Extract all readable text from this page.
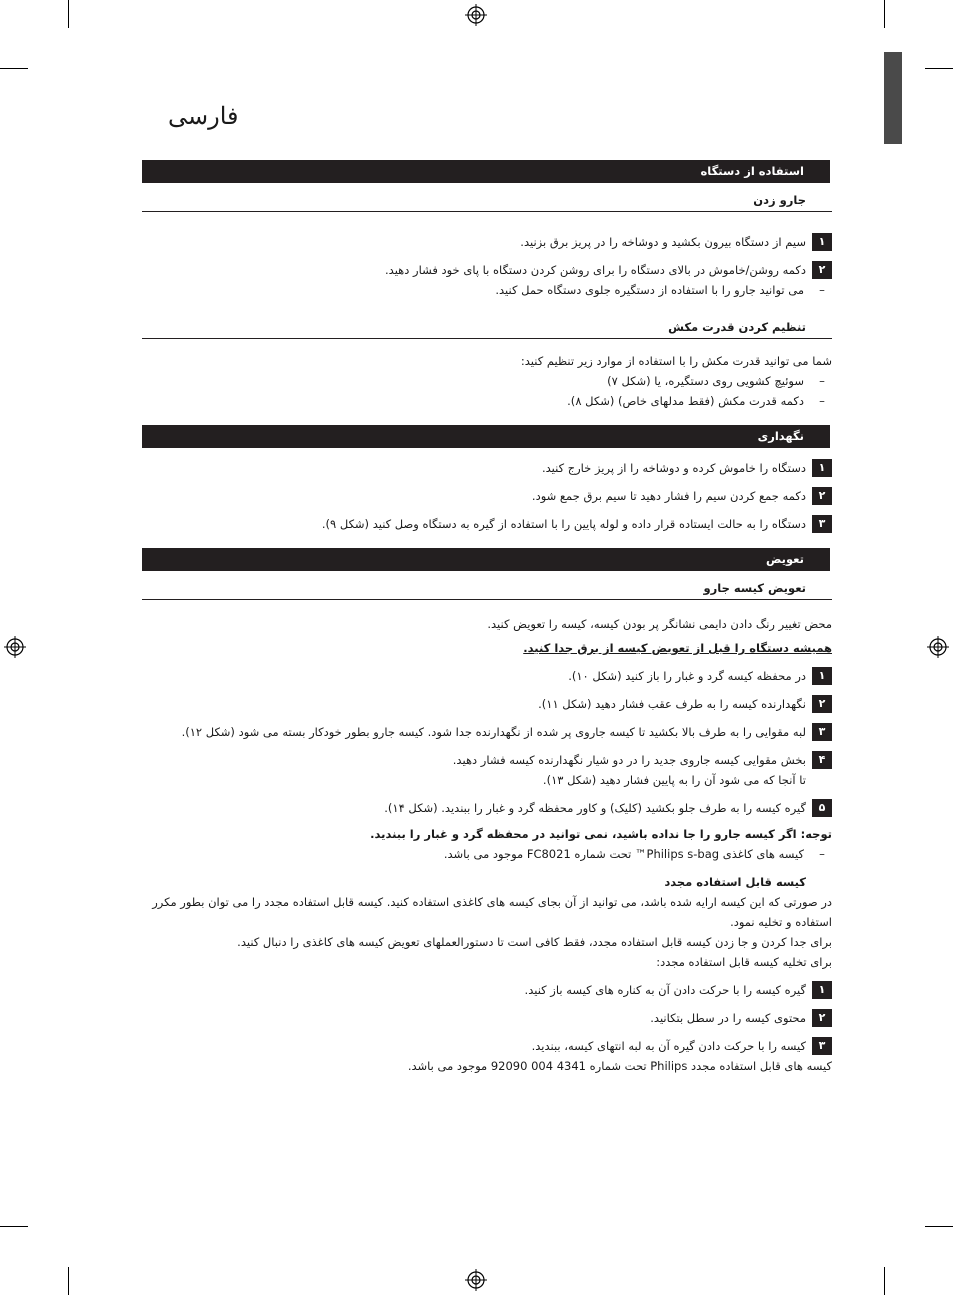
فارسی
استفاده از دستگاه
جارو زدن
۱
سیم از دستگاه بیرون بکشید و دوشاخه را در پریز برق بزنید.
۲
دکمه روشن/خاموش در بالای دستگاه را برای روشن کردن دستگاه با پای خود فشار دهید.
–
می توانید جارو را با استفاده از دستگیره جلوی دستگاه حمل کنید.
تنظیم کردن قدرت مکش
شما می توانید قدرت مکش را با استفاده از موارد زیر تنظیم کنید:
–
سوئیچ کشویی روی دستگیره، یا (شکل ۷)
–
دکمه قدرت مکش (فقط مدلهای خاص) (شکل ۸).
نگهداری
۱
دستگاه را خاموش کرده و دوشاخه را از پریز خارج کنید.
۲
دکمه جمع کردن سیم را فشار دهید تا سیم برق جمع شود.
۳
دستگاه را به حالت ایستاده قرار داده و لوله پایین را با استفاده از گیره به دستگاه وصل کنید (شکل ۹).
تعویض
تعویض کیسه جارو
محض تغییر رنگ دادن دایمی نشانگر پر بودن کیسه، کیسه را تعویض کنید.
همیشه دستگاه را قبل از تعویض کیسه از برق جدا کنید.
۱
در محفظه کیسه گرد و غبار را باز کنید (شکل ۱۰).
۲
نگهدارنده کیسه را به طرف عقب فشار دهید (شکل ۱۱).
۳
لبه مقوایی را به طرف بالا بکشید تا کیسه جاروی پر شده از نگهدارنده جدا شود. کیسه جارو بطور خودکار بسته می شود (شکل ۱۲).
۴
بخش مقوایی کیسه جاروی جدید را در دو شیار نگهدارنده کیسه فشار دهید.
تا آنجا که می شود آن را به پایین فشار دهید (شکل ۱۳).
۵
گیره کیسه را به طرف جلو بکشید (کلیک) و کاور محفظه گرد و غبار را ببندید. (شکل ۱۴).
توجه: اگر کیسه جارو را جا نداده باشید، نمی توانید در محفظه گرد و غبار را ببندید.
–
کیسه های کاغذی Philips s-bag™ تحت شماره FC8021 موجود می باشد.
کیسه قابل استفاده مجدد
در صورتی که این کیسه ارایه شده باشد، می توانید از آن بجای کیسه های کاغذی استفاده کنید. کیسه قابل استفاده مجدد را می توان بطور مکرر استفاده و تخلیه نمود.
برای جدا کردن و جا زدن کیسه قابل استفاده مجدد، فقط کافی است تا دستورالعملهای تعویض کیسه های کاغذی را دنبال کنید.
برای تخلیه کیسه قابل استفاده مجدد:
۱
گیره کیسه را با حرکت دادن آن به کناره های کیسه باز کنید.
۲
محتوی کیسه را در سطل بتکانید.
۳
کیسه را با حرکت دادن گیره آن به لبه انتهای کیسه، ببندید.
کیسه های قابل استفاده مجدد Philips تحت شماره 4341 004 92090 موجود می باشد.
